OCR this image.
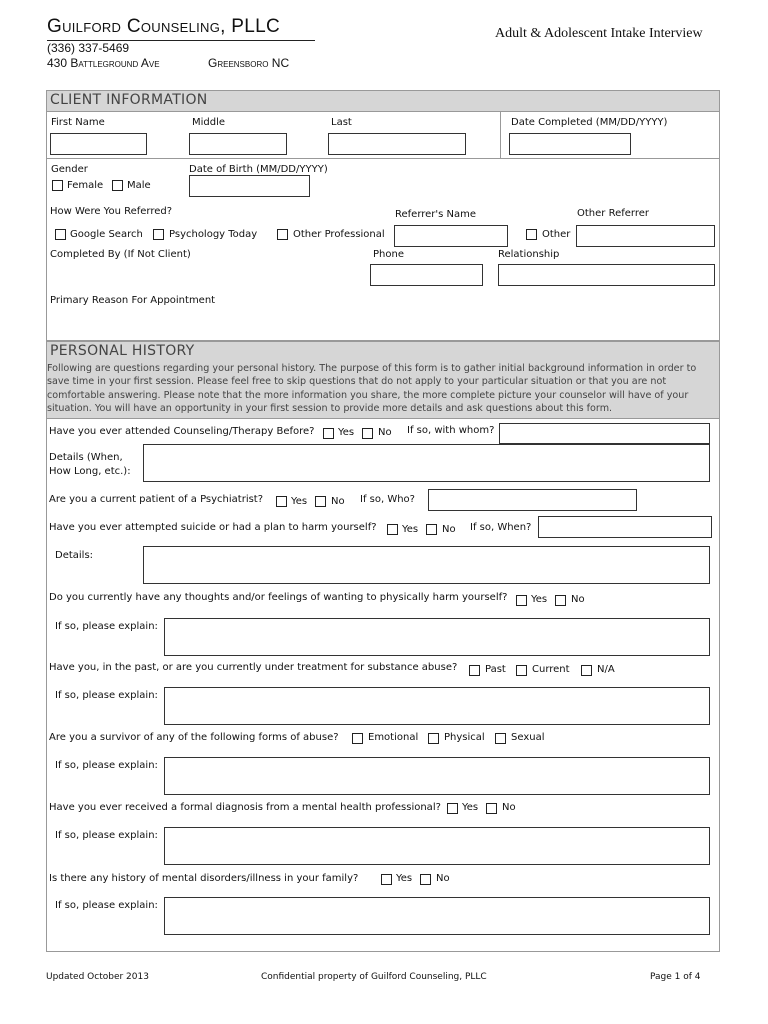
Guilford Counseling, PLLC
(336) 337-5469
430 Battleground Ave	Greensboro NC
Adult & Adolescent Intake Interview
CLIENT INFORMATION
First Name	Middle	Last	Date Completed (MM/DD/YYYY)
Gender
Female Male
Date of Birth (MM/DD/YYYY)
How Were You Referred?	Referrer's Name	Other Referrer
Google Search	Psychology Today	Other Professional	Other
Completed By (If Not Client)	Phone	Relationship
Primary Reason For Appointment
PERSONAL HISTORY
Following are questions regarding your personal history. The purpose of this form is to gather initial background information in order to save time in your first session. Please feel free to skip questions that do not apply to your particular situation or that you are not comfortable answering. Please note that the more information you share, the more complete picture your counselor will have of your situation. You will have an opportunity in your first session to provide more details and ask questions about this form.
Have you ever attended Counseling/Therapy Before? Yes No If so, with whom?
Details (When,
How Long, etc.):
Are you a current patient of a Psychiatrist?	Yes No If so, Who?
Have you ever attempted suicide or had a plan to harm yourself?	Yes No If so, When?
Details:
Do you currently have any thoughts and/or feelings of wanting to physically harm yourself? Yes No
If so, please explain:
Have you, in the past, or are you currently under treatment for substance abuse?	Past	Current	N/A
If so, please explain:
Are you a survivor of any of the following forms of abuse?	Emotional	Physical	Sexual
If so, please explain:
Have you ever received a formal diagnosis from a mental health professional? Yes No
If so, please explain:
Is there any history of mental disorders/illness in your family?	Yes No
If so, please explain:
Updated October 2013	Confidential property of Guilford Counseling, PLLC	Page 1 of 4
